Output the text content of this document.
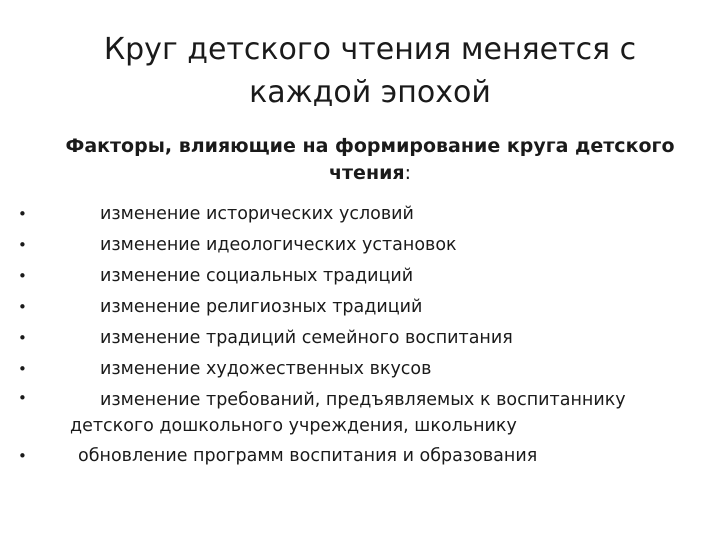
Круг детского чтения меняется с каждой эпохой
Факторы, влияющие на формирование круга детского чтения:
•	изменение исторических условий
•	изменение идеологических установок
•	изменение социальных традиций
•	изменение религиозных традиций
•	изменение традиций семейного воспитания
•	изменение художественных вкусов
•	изменение требований, предъявляемых к воспитаннику
детского дошкольного учреждения, школьнику
•	обновление программ воспитания и образования
